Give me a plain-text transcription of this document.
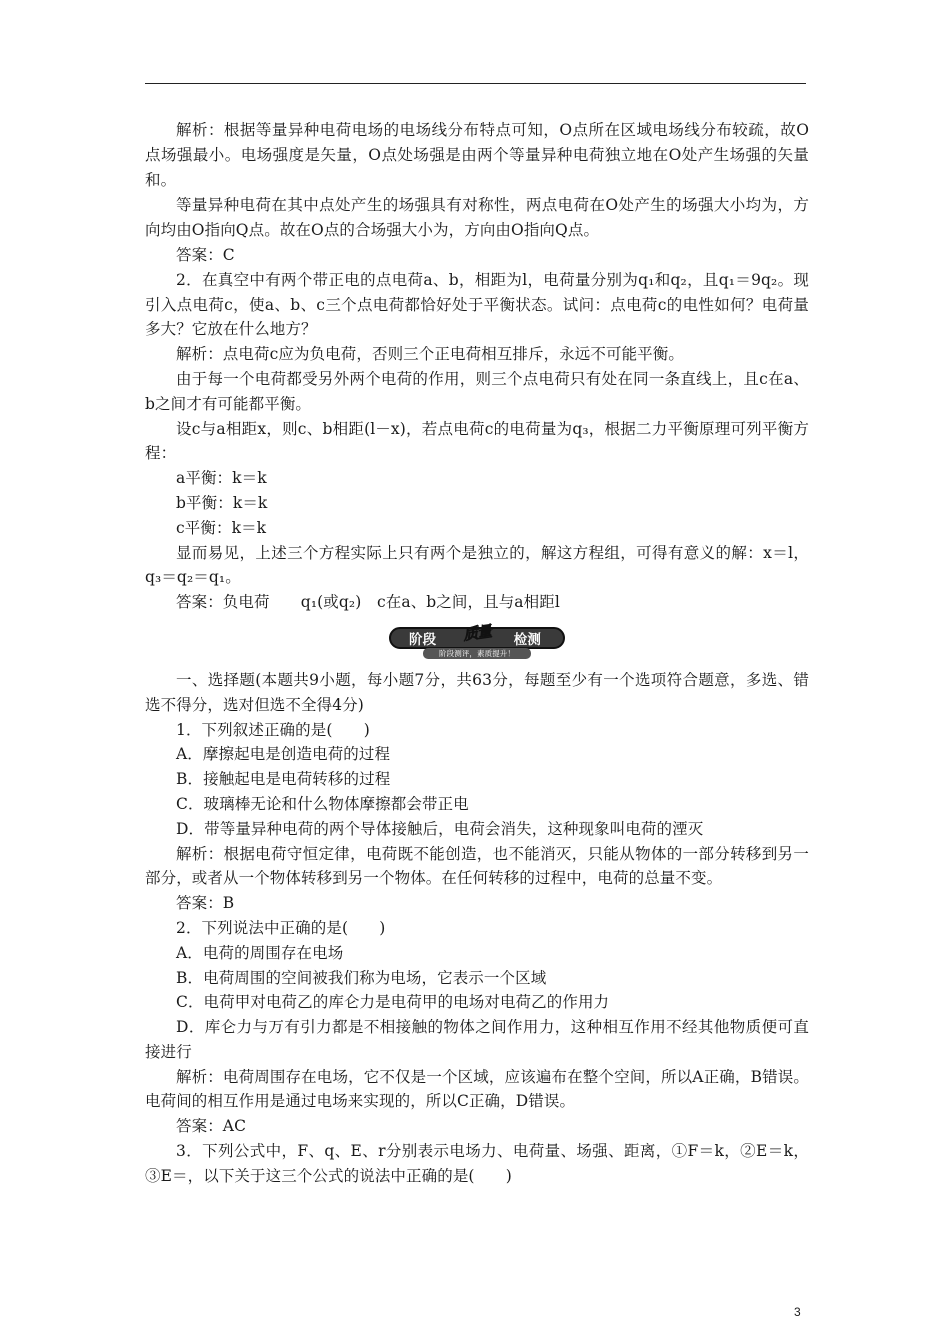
解析：根据等量异种电荷电场的电场线分布特点可知，O点所在区域电场线分布较疏，故O点场强最小。电场强度是矢量，O点处场强是由两个等量异种电荷独立地在O处产生场强的矢量和。

等量异种电荷在其中点处产生的场强具有对称性，两点电荷在O处产生的场强大小均为，方向均由O指向Q点。故在O点的合场强大小为，方向由O指向Q点。

答案：C

2．在真空中有两个带正电的点电荷a、b，相距为l，电荷量分别为q₁和q₂，且q₁＝9q₂。现引入点电荷c，使a、b、c三个点电荷都恰好处于平衡状态。试问：点电荷c的电性如何？电荷量多大？它放在什么地方？

解析：点电荷c应为负电荷，否则三个正电荷相互排斥，永远不可能平衡。

由于每一个电荷都受另外两个电荷的作用，则三个点电荷只有处在同一条直线上，且c在a、b之间才有可能都平衡。

设c与a相距x，则c、b相距(l－x)，若点电荷c的电荷量为q₃，根据二力平衡原理可列平衡方程：

a平衡：k＝k

b平衡：k＝k

c平衡：k＝k

显而易见，上述三个方程实际上只有两个是独立的，解这方程组，可得有意义的解：x＝l，q₃＝q₂＝q₁。

答案：负电荷　　q₁(或q₂)　c在a、b之间，且与a相距l

阶段	检测
质量
阶段测评，素质提升！

一、选择题(本题共9小题，每小题7分，共63分，每题至少有一个选项符合题意，多选、错选不得分，选对但选不全得4分)

1．下列叙述正确的是(　　)

A．摩擦起电是创造电荷的过程

B．接触起电是电荷转移的过程

C．玻璃棒无论和什么物体摩擦都会带正电

D．带等量异种电荷的两个导体接触后，电荷会消失，这种现象叫电荷的湮灭

解析：根据电荷守恒定律，电荷既不能创造，也不能消灭，只能从物体的一部分转移到另一部分，或者从一个物体转移到另一个物体。在任何转移的过程中，电荷的总量不变。

答案：B

2．下列说法中正确的是(　　)

A．电荷的周围存在电场

B．电荷周围的空间被我们称为电场，它表示一个区域

C．电荷甲对电荷乙的库仑力是电荷甲的电场对电荷乙的作用力

D．库仑力与万有引力都是不相接触的物体之间作用力，这种相互作用不经其他物质便可直接进行

解析：电荷周围存在电场，它不仅是一个区域，应该遍布在整个空间，所以A正确，B错误。电荷间的相互作用是通过电场来实现的，所以C正确，D错误。

答案：AC

3．下列公式中，F、q、E、r分别表示电场力、电荷量、场强、距离，①F＝k，②E＝k，③E＝，以下关于这三个公式的说法中正确的是(　　)

3
